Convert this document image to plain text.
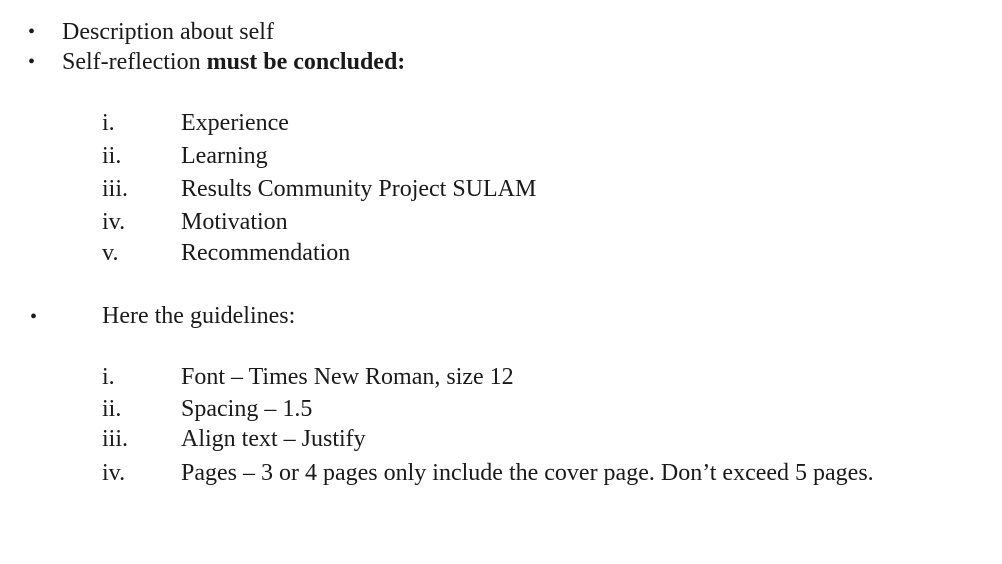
• Description about self
• Self-reflection must be concluded:
i.	Experience
ii. Learning
iii. Results Community Project SULAM
iv. Motivation
v.	Recommendation
•	Here the guidelines:
i.	Font – Times New Roman, size 12
ii. Spacing – 1.5
iii. Align text – Justify
iv. Pages – 3 or 4 pages only include the cover page. Don’t exceed 5 pages.
